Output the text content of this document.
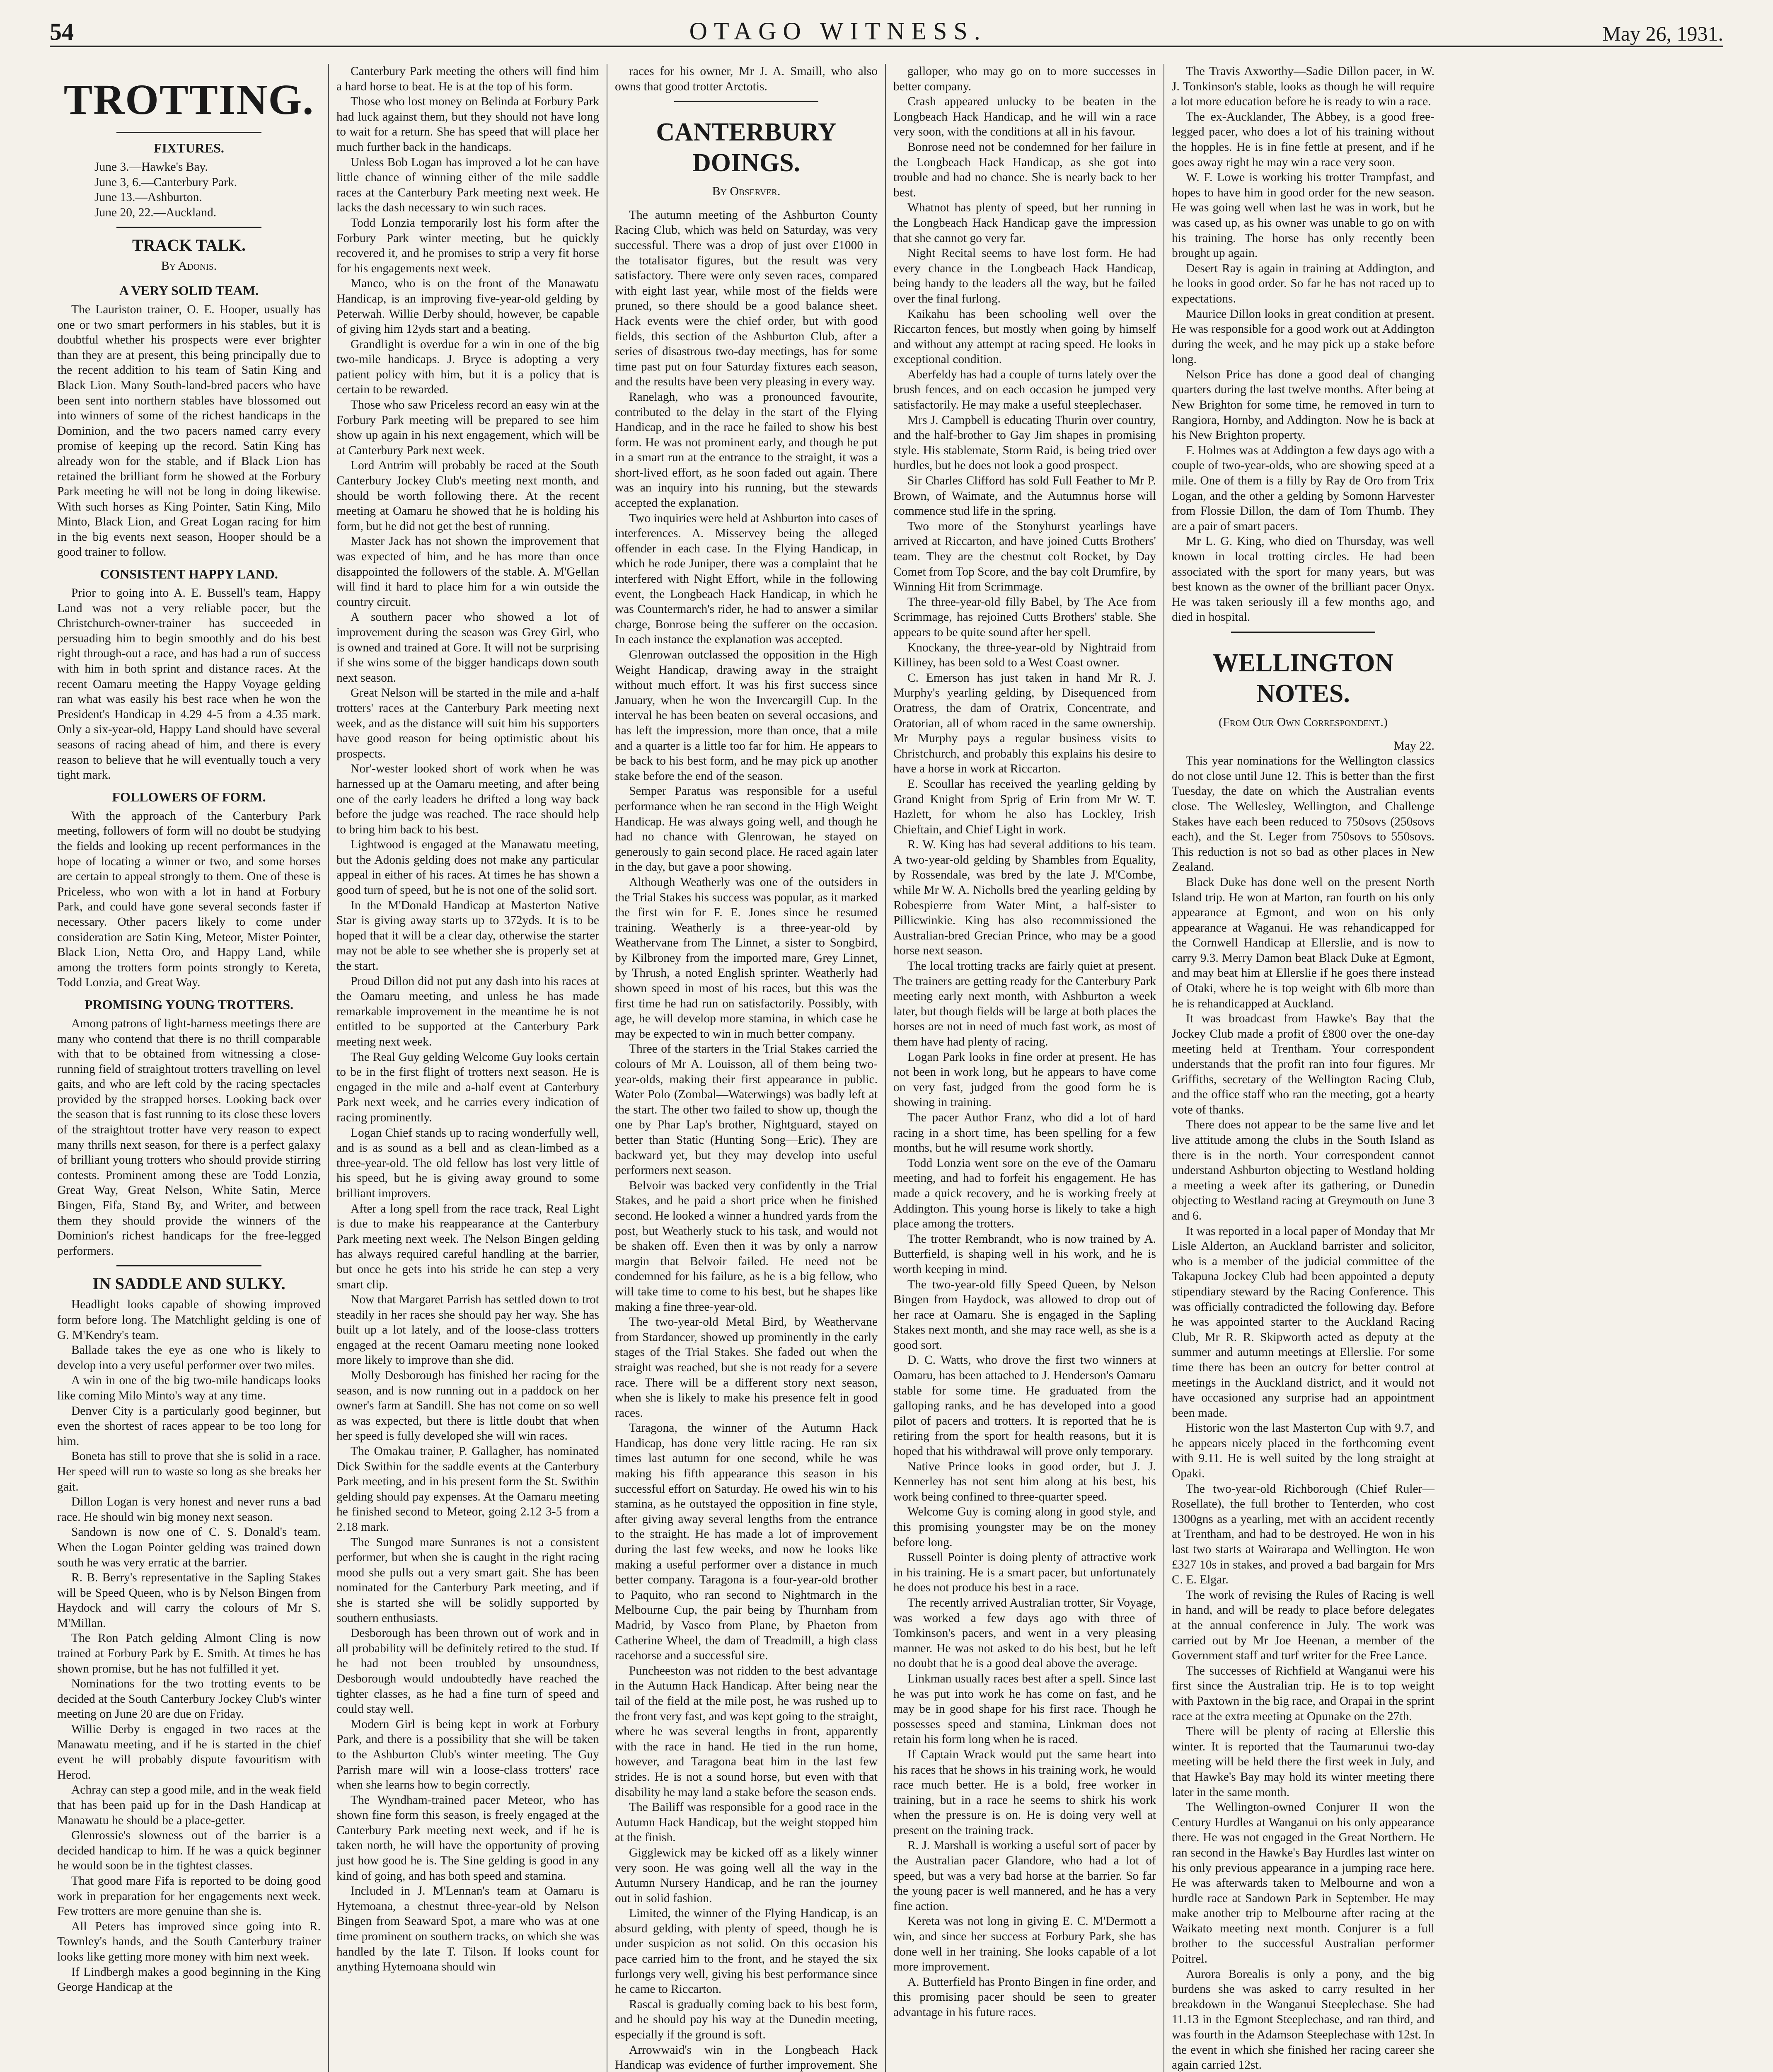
54	OTAGO WITNESS.	May 26, 1931.
TROTTING.
FIXTURES.

June 3.—Hawke's Bay.

June 3, 6.—Canterbury Park.

June 13.—Ashburton.

June 20, 22.—Auckland.

TRACK TALK.
By Adonis.
A VERY SOLID TEAM.

The Lauriston trainer, O. E. Hooper, usually has one or two smart performers in his stables, but it is doubtful whether his prospects were ever brighter than they are at present, this being principally due to the recent addition to his team of Satin King and Black Lion. Many South-land-bred pacers who have been sent into northern stables have blossomed out into winners of some of the richest handicaps in the Dominion, and the two pacers named carry every promise of keeping up the record. Satin King has already won for the stable, and if Black Lion has retained the brilliant form he showed at the Forbury Park meeting he will not be long in doing likewise. With such horses as King Pointer, Satin King, Milo Minto, Black Lion, and Great Logan racing for him in the big events next season, Hooper should be a good trainer to follow.

CONSISTENT HAPPY LAND.

Prior to going into A. E. Bussell's team, Happy Land was not a very reliable pacer, but the Christchurch-owner-trainer has succeeded in persuading him to begin smoothly and do his best right through-out a race, and has had a run of success with him in both sprint and distance races. At the recent Oamaru meeting the Happy Voyage gelding ran what was easily his best race when he won the President's Handicap in 4.29 4-5 from a 4.35 mark. Only a six-year-old, Happy Land should have several seasons of racing ahead of him, and there is every reason to believe that he will eventually touch a very tight mark.

FOLLOWERS OF FORM.

With the approach of the Canterbury Park meeting, followers of form will no doubt be studying the fields and looking up recent performances in the hope of locating a winner or two, and some horses are certain to appeal strongly to them. One of these is Priceless, who won with a lot in hand at Forbury Park, and could have gone several seconds faster if necessary. Other pacers likely to come under consideration are Satin King, Meteor, Mister Pointer, Black Lion, Netta Oro, and Happy Land, while among the trotters form points strongly to Kereta, Todd Lonzia, and Great Way.

PROMISING YOUNG TROTTERS.

Among patrons of light-harness meetings there are many who contend that there is no thrill comparable with that to be obtained from witnessing a close-running field of straightout trotters travelling on level gaits, and who are left cold by the racing spectacles provided by the strapped horses. Looking back over the season that is fast running to its close these lovers of the straightout trotter have very reason to expect many thrills next season, for there is a perfect galaxy of brilliant young trotters who should provide stirring contests. Prominent among these are Todd Lonzia, Great Way, Great Nelson, White Satin, Merce Bingen, Fifa, Stand By, and Writer, and between them they should provide the winners of the Dominion's richest handicaps for the free-legged performers.

IN SADDLE AND SULKY.

Headlight looks capable of showing improved form before long. The Matchlight gelding is one of G. M'Kendry's team.

Ballade takes the eye as one who is likely to develop into a very useful performer over two miles.

A win in one of the big two-mile handicaps looks like coming Milo Minto's way at any time.

Denver City is a particularly good beginner, but even the shortest of races appear to be too long for him.

Boneta has still to prove that she is solid in a race. Her speed will run to waste so long as she breaks her gait.

Dillon Logan is very honest and never runs a bad race. He should win big money next season.

Sandown is now one of C. S. Donald's team. When the Logan Pointer gelding was trained down south he was very erratic at the barrier.

R. B. Berry's representative in the Sapling Stakes will be Speed Queen, who is by Nelson Bingen from Haydock and will carry the colours of Mr S. M'Millan.

The Ron Patch gelding Almont Cling is now trained at Forbury Park by E. Smith. At times he has shown promise, but he has not fulfilled it yet.

Nominations for the two trotting events to be decided at the South Canterbury Jockey Club's winter meeting on June 20 are due on Friday.

Willie Derby is engaged in two races at the Manawatu meeting, and if he is started in the chief event he will probably dispute favouritism with Herod.

Achray can step a good mile, and in the weak field that has been paid up for in the Dash Handicap at Manawatu he should be a place-getter.

Glenrossie's slowness out of the barrier is a decided handicap to him. If he was a quick beginner he would soon be in the tightest classes.

That good mare Fifa is reported to be doing good work in preparation for her engagements next week. Few trotters are more genuine than she is.

All Peters has improved since going into R. Townley's hands, and the South Canterbury trainer looks like getting more money with him next week.

If Lindbergh makes a good beginning in the King George Handicap at the

Canterbury Park meeting the others will find him a hard horse to beat. He is at the top of his form.

Those who lost money on Belinda at Forbury Park had luck against them, but they should not have long to wait for a return. She has speed that will place her much further back in the handicaps.

Unless Bob Logan has improved a lot he can have little chance of winning either of the mile saddle races at the Canterbury Park meeting next week. He lacks the dash necessary to win such races.

Todd Lonzia temporarily lost his form after the Forbury Park winter meeting, but he quickly recovered it, and he promises to strip a very fit horse for his engagements next week.

Manco, who is on the front of the Manawatu Handicap, is an improving five-year-old gelding by Peterwah. Willie Derby should, however, be capable of giving him 12yds start and a beating.

Grandlight is overdue for a win in one of the big two-mile handicaps. J. Bryce is adopting a very patient policy with him, but it is a policy that is certain to be rewarded.

Those who saw Priceless record an easy win at the Forbury Park meeting will be prepared to see him show up again in his next engagement, which will be at Canterbury Park next week.

Lord Antrim will probably be raced at the South Canterbury Jockey Club's meeting next month, and should be worth following there. At the recent meeting at Oamaru he showed that he is holding his form, but he did not get the best of running.

Master Jack has not shown the improvement that was expected of him, and he has more than once disappointed the followers of the stable. A. M'Gellan will find it hard to place him for a win outside the country circuit.

A southern pacer who showed a lot of improvement during the season was Grey Girl, who is owned and trained at Gore. It will not be surprising if she wins some of the bigger handicaps down south next season.

Great Nelson will be started in the mile and a-half trotters' races at the Canterbury Park meeting next week, and as the distance will suit him his supporters have good reason for being optimistic about his prospects.

Nor'-wester looked short of work when he was harnessed up at the Oamaru meeting, and after being one of the early leaders he drifted a long way back before the judge was reached. The race should help to bring him back to his best.

Lightwood is engaged at the Manawatu meeting, but the Adonis gelding does not make any particular appeal in either of his races. At times he has shown a good turn of speed, but he is not one of the solid sort.

In the M'Donald Handicap at Masterton Native Star is giving away starts up to 372yds. It is to be hoped that it will be a clear day, otherwise the starter may not be able to see whether she is properly set at the start.

Proud Dillon did not put any dash into his races at the Oamaru meeting, and unless he has made remarkable improvement in the meantime he is not entitled to be supported at the Canterbury Park meeting next week.

The Real Guy gelding Welcome Guy looks certain to be in the first flight of trotters next season. He is engaged in the mile and a-half event at Canterbury Park next week, and he carries every indication of racing prominently.

Logan Chief stands up to racing wonderfully well, and is as sound as a bell and as clean-limbed as a three-year-old. The old fellow has lost very little of his speed, but he is giving away ground to some brilliant improvers.

After a long spell from the race track, Real Light is due to make his reappearance at the Canterbury Park meeting next week. The Nelson Bingen gelding has always required careful handling at the barrier, but once he gets into his stride he can step a very smart clip.

Now that Margaret Parrish has settled down to trot steadily in her races she should pay her way. She has built up a lot lately, and of the loose-class trotters engaged at the recent Oamaru meeting none looked more likely to improve than she did.

Molly Desborough has finished her racing for the season, and is now running out in a paddock on her owner's farm at Sandill. She has not come on so well as was expected, but there is little doubt that when her speed is fully developed she will win races.

The Omakau trainer, P. Gallagher, has nominated Dick Swithin for the saddle events at the Canterbury Park meeting, and in his present form the St. Swithin gelding should pay expenses. At the Oamaru meeting he finished second to Meteor, going 2.12 3-5 from a 2.18 mark.

The Sungod mare Sunranes is not a consistent performer, but when she is caught in the right racing mood she pulls out a very smart gait. She has been nominated for the Canterbury Park meeting, and if she is started she will be solidly supported by southern enthusiasts.

Desborough has been thrown out of work and in all probability will be definitely retired to the stud. If he had not been troubled by unsoundness, Desborough would undoubtedly have reached the tighter classes, as he had a fine turn of speed and could stay well.

Modern Girl is being kept in work at Forbury Park, and there is a possibility that she will be taken to the Ashburton Club's winter meeting. The Guy Parrish mare will win a loose-class trotters' race when she learns how to begin correctly.

The Wyndham-trained pacer Meteor, who has shown fine form this season, is freely engaged at the Canterbury Park meeting next week, and if he is taken north, he will have the opportunity of proving just how good he is. The Sine gelding is good in any kind of going, and has both speed and stamina.

Included in J. M'Lennan's team at Oamaru is Hytemoana, a chestnut three-year-old by Nelson Bingen from Seaward Spot, a mare who was at one time prominent on southern tracks, on which she was handled by the late T. Tilson. If looks count for anything Hytemoana should win

races for his owner, Mr J. A. Smaill, who also owns that good trotter Arctotis.

CANTERBURY DOINGS.
By Observer.

The autumn meeting of the Ashburton County Racing Club, which was held on Saturday, was very successful. There was a drop of just over £1000 in the totalisator figures, but the result was very satisfactory. There were only seven races, compared with eight last year, while most of the fields were pruned, so there should be a good balance sheet. Hack events were the chief order, but with good fields, this section of the Ashburton Club, after a series of disastrous two-day meetings, has for some time past put on four Saturday fixtures each season, and the results have been very pleasing in every way.

Ranelagh, who was a pronounced favourite, contributed to the delay in the start of the Flying Handicap, and in the race he failed to show his best form. He was not prominent early, and though he put in a smart run at the entrance to the straight, it was a short-lived effort, as he soon faded out again. There was an inquiry into his running, but the stewards accepted the explanation.

Two inquiries were held at Ashburton into cases of interferences. A. Misservey being the alleged offender in each case. In the Flying Handicap, in which he rode Juniper, there was a complaint that he interfered with Night Effort, while in the following event, the Longbeach Hack Handicap, in which he was Countermarch's rider, he had to answer a similar charge, Bonrose being the sufferer on the occasion. In each instance the explanation was accepted.

Glenrowan outclassed the opposition in the High Weight Handicap, drawing away in the straight without much effort. It was his first success since January, when he won the Invercargill Cup. In the interval he has been beaten on several occasions, and has left the impression, more than once, that a mile and a quarter is a little too far for him. He appears to be back to his best form, and he may pick up another stake before the end of the season.

Semper Paratus was responsible for a useful performance when he ran second in the High Weight Handicap. He was always going well, and though he had no chance with Glenrowan, he stayed on generously to gain second place. He raced again later in the day, but gave a poor showing.

Although Weatherly was one of the outsiders in the Trial Stakes his success was popular, as it marked the first win for F. E. Jones since he resumed training. Weatherly is a three-year-old by Weathervane from The Linnet, a sister to Songbird, by Kilbroney from the imported mare, Grey Linnet, by Thrush, a noted English sprinter. Weatherly had shown speed in most of his races, but this was the first time he had run on satisfactorily. Possibly, with age, he will develop more stamina, in which case he may be expected to win in much better company.

Three of the starters in the Trial Stakes carried the colours of Mr A. Louisson, all of them being two-year-olds, making their first appearance in public. Water Polo (Zombal—Waterwings) was badly left at the start. The other two failed to show up, though the one by Phar Lap's brother, Nightguard, stayed on better than Static (Hunting Song—Eric). They are backward yet, but they may develop into useful performers next season.

Belvoir was backed very confidently in the Trial Stakes, and he paid a short price when he finished second. He looked a winner a hundred yards from the post, but Weatherly stuck to his task, and would not be shaken off. Even then it was by only a narrow margin that Belvoir failed. He need not be condemned for his failure, as he is a big fellow, who will take time to come to his best, but he shapes like making a fine three-year-old.

The two-year-old Metal Bird, by Weathervane from Stardancer, showed up prominently in the early stages of the Trial Stakes. She faded out when the straight was reached, but she is not ready for a severe race. There will be a different story next season, when she is likely to make his presence felt in good races.

Taragona, the winner of the Autumn Hack Handicap, has done very little racing. He ran six times last autumn for one second, while he was making his fifth appearance this season in his successful effort on Saturday. He owed his win to his stamina, as he outstayed the opposition in fine style, after giving away several lengths from the entrance to the straight. He has made a lot of improvement during the last few weeks, and now he looks like making a useful performer over a distance in much better company. Taragona is a four-year-old brother to Paquito, who ran second to Nightmarch in the Melbourne Cup, the pair being by Thurnham from Madrid, by Vasco from Plane, by Phaeton from Catherine Wheel, the dam of Treadmill, a high class racehorse and a successful sire.

Puncheeston was not ridden to the best advantage in the Autumn Hack Handicap. After being near the tail of the field at the mile post, he was rushed up to the front very fast, and was kept going to the straight, where he was several lengths in front, apparently with the race in hand. He tied in the run home, however, and Taragona beat him in the last few strides. He is not a sound horse, but even with that disability he may land a stake before the season ends.

The Bailiff was responsible for a good race in the Autumn Hack Handicap, but the weight stopped him at the finish.

Gigglewick may be kicked off as a likely winner very soon. He was going well all the way in the Autumn Nursery Handicap, and he ran the journey out in solid fashion.

Limited, the winner of the Flying Handicap, is an absurd gelding, with plenty of speed, though he is under suspicion as not solid. On this occasion his pace carried him to the front, and he stayed the six furlongs very well, giving his best performance since he came to Riccarton.

Rascal is gradually coming back to his best form, and he should pay his way at the Dunedin meeting, especially if the ground is soft.

Arrowwaid's win in the Longbeach Hack Handicap was evidence of further improvement. She

galloper, who may go on to more successes in better company.

Crash appeared unlucky to be beaten in the Longbeach Hack Handicap, and he will win a race very soon, with the conditions at all in his favour.

Bonrose need not be condemned for her failure in the Longbeach Hack Handicap, as she got into trouble and had no chance. She is nearly back to her best.

Whatnot has plenty of speed, but her running in the Longbeach Hack Handicap gave the impression that she cannot go very far.

Night Recital seems to have lost form. He had every chance in the Longbeach Hack Handicap, being handy to the leaders all the way, but he failed over the final furlong.

Kaikahu has been schooling well over the Riccarton fences, but mostly when going by himself and without any attempt at racing speed. He looks in exceptional condition.

Aberfeldy has had a couple of turns lately over the brush fences, and on each occasion he jumped very satisfactorily. He may make a useful steeplechaser.

Mrs J. Campbell is educating Thurin over country, and the half-brother to Gay Jim shapes in promising style. His stablemate, Storm Raid, is being tried over hurdles, but he does not look a good prospect.

Sir Charles Clifford has sold Full Feather to Mr P. Brown, of Waimate, and the Autumnus horse will commence stud life in the spring.

Two more of the Stonyhurst yearlings have arrived at Riccarton, and have joined Cutts Brothers' team. They are the chestnut colt Rocket, by Day Comet from Top Score, and the bay colt Drumfire, by Winning Hit from Scrimmage.

The three-year-old filly Babel, by The Ace from Scrimmage, has rejoined Cutts Brothers' stable. She appears to be quite sound after her spell.

Knockany, the three-year-old by Nightraid from Killiney, has been sold to a West Coast owner.

C. Emerson has just taken in hand Mr R. J. Murphy's yearling gelding, by Disequenced from Oratress, the dam of Oratrix, Concentrate, and Oratorian, all of whom raced in the same ownership. Mr Murphy pays a regular business visits to Christchurch, and probably this explains his desire to have a horse in work at Riccarton.

E. Scoullar has received the yearling gelding by Grand Knight from Sprig of Erin from Mr W. T. Hazlett, for whom he also has Lockley, Irish Chieftain, and Chief Light in work.

R. W. King has had several additions to his team. A two-year-old gelding by Shambles from Equality, by Rossendale, was bred by the late J. M'Combe, while Mr W. A. Nicholls bred the yearling gelding by Robespierre from Water Mint, a half-sister to Pillicwinkie. King has also recommissioned the Australian-bred Grecian Prince, who may be a good horse next season.

The local trotting tracks are fairly quiet at present. The trainers are getting ready for the Canterbury Park meeting early next month, with Ashburton a week later, but though fields will be large at both places the horses are not in need of much fast work, as most of them have had plenty of racing.

Logan Park looks in fine order at present. He has not been in work long, but he appears to have come on very fast, judged from the good form he is showing in training.

The pacer Author Franz, who did a lot of hard racing in a short time, has been spelling for a few months, but he will resume work shortly.

Todd Lonzia went sore on the eve of the Oamaru meeting, and had to forfeit his engagement. He has made a quick recovery, and he is working freely at Addington. This young horse is likely to take a high place among the trotters.

The trotter Rembrandt, who is now trained by A. Butterfield, is shaping well in his work, and he is worth keeping in mind.

The two-year-old filly Speed Queen, by Nelson Bingen from Haydock, was allowed to drop out of her race at Oamaru. She is engaged in the Sapling Stakes next month, and she may race well, as she is a good sort.

D. C. Watts, who drove the first two winners at Oamaru, has been attached to J. Henderson's Oamaru stable for some time. He graduated from the galloping ranks, and he has developed into a good pilot of pacers and trotters. It is reported that he is retiring from the sport for health reasons, but it is hoped that his withdrawal will prove only temporary.

Native Prince looks in good order, but J. J. Kennerley has not sent him along at his best, his work being confined to three-quarter speed.

Welcome Guy is coming along in good style, and this promising youngster may be on the money before long.

Russell Pointer is doing plenty of attractive work in his training. He is a smart pacer, but unfortunately he does not produce his best in a race.

The recently arrived Australian trotter, Sir Voyage, was worked a few days ago with three of Tomkinson's pacers, and went in a very pleasing manner. He was not asked to do his best, but he left no doubt that he is a good deal above the average.

Linkman usually races best after a spell. Since last he was put into work he has come on fast, and he may be in good shape for his first race. Though he possesses speed and stamina, Linkman does not retain his form long when he is raced.

If Captain Wrack would put the same heart into his races that he shows in his training work, he would race much better. He is a bold, free worker in training, but in a race he seems to shirk his work when the pressure is on. He is doing very well at present on the training track.

R. J. Marshall is working a useful sort of pacer by the Australian pacer Glandore, who had a lot of speed, but was a very bad horse at the barrier. So far the young pacer is well mannered, and he has a very fine action.

Kereta was not long in giving E. C. M'Dermott a win, and since her success at Forbury Park, she has done well in her training. She looks capable of a lot more improvement.

A. Butterfield has Pronto Bingen in fine order, and this promising pacer should be seen to greater advantage in his future races.

The Travis Axworthy—Sadie Dillon pacer, in W. J. Tonkinson's stable, looks as though he will require a lot more education before he is ready to win a race.

The ex-Aucklander, The Abbey, is a good free-legged pacer, who does a lot of his training without the hopples. He is in fine fettle at present, and if he goes away right he may win a race very soon.

W. F. Lowe is working his trotter Trampfast, and hopes to have him in good order for the new season. He was going well when last he was in work, but he was cased up, as his owner was unable to go on with his training. The horse has only recently been brought up again.

Desert Ray is again in training at Addington, and he looks in good order. So far he has not raced up to expectations.

Maurice Dillon looks in great condition at present. He was responsible for a good work out at Addington during the week, and he may pick up a stake before long.

Nelson Price has done a good deal of changing quarters during the last twelve months. After being at New Brighton for some time, he removed in turn to Rangiora, Hornby, and Addington. Now he is back at his New Brighton property.

F. Holmes was at Addington a few days ago with a couple of two-year-olds, who are showing speed at a mile. One of them is a filly by Ray de Oro from Trix Logan, and the other a gelding by Somonn Harvester from Flossie Dillon, the dam of Tom Thumb. They are a pair of smart pacers.

Mr L. G. King, who died on Thursday, was well known in local trotting circles. He had been associated with the sport for many years, but was best known as the owner of the brilliant pacer Onyx. He was taken seriously ill a few months ago, and died in hospital.

WELLINGTON NOTES.
(From Our Own Correspondent.)

May 22.

This year nominations for the Wellington classics do not close until June 12. This is better than the first Tuesday, the date on which the Australian events close. The Wellesley, Wellington, and Challenge Stakes have each been reduced to 750sovs (250sovs each), and the St. Leger from 750sovs to 550sovs. This reduction is not so bad as other places in New Zealand.

Black Duke has done well on the present North Island trip. He won at Marton, ran fourth on his only appearance at Egmont, and won on his only appearance at Waganui. He was rehandicapped for the Cornwell Handicap at Ellerslie, and is now to carry 9.3. Merry Damon beat Black Duke at Egmont, and may beat him at Ellerslie if he goes there instead of Otaki, where he is top weight with 6lb more than he is rehandicapped at Auckland.

It was broadcast from Hawke's Bay that the Jockey Club made a profit of £800 over the one-day meeting held at Trentham. Your correspondent understands that the profit ran into four figures. Mr Griffiths, secretary of the Wellington Racing Club, and the office staff who ran the meeting, got a hearty vote of thanks.

There does not appear to be the same live and let live attitude among the clubs in the South Island as there is in the north. Your correspondent cannot understand Ashburton objecting to Westland holding a meeting a week after its gathering, or Dunedin objecting to Westland racing at Greymouth on June 3 and 6.

It was reported in a local paper of Monday that Mr Lisle Alderton, an Auckland barrister and solicitor, who is a member of the judicial committee of the Takapuna Jockey Club had been appointed a deputy stipendiary steward by the Racing Conference. This was officially contradicted the following day. Before he was appointed starter to the Auckland Racing Club, Mr R. R. Skipworth acted as deputy at the summer and autumn meetings at Ellerslie. For some time there has been an outcry for better control at meetings in the Auckland district, and it would not have occasioned any surprise had an appointment been made.

Historic won the last Masterton Cup with 9.7, and he appears nicely placed in the forthcoming event with 9.11. He is well suited by the long straight at Opaki.

The two-year-old Richborough (Chief Ruler—Rosellate), the full brother to Tenterden, who cost 1300gns as a yearling, met with an accident recently at Trentham, and had to be destroyed. He won in his last two starts at Wairarapa and Wellington. He won £327 10s in stakes, and proved a bad bargain for Mrs C. E. Elgar.

The work of revising the Rules of Racing is well in hand, and will be ready to place before delegates at the annual conference in July. The work was carried out by Mr Joe Heenan, a member of the Government staff and turf writer for the Free Lance.

The successes of Richfield at Wanganui were his first since the Australian trip. He is to top weight with Paxtown in the big race, and Orapai in the sprint race at the extra meeting at Opunake on the 27th.

There will be plenty of racing at Ellerslie this winter. It is reported that the Taumarunui two-day meeting will be held there the first week in July, and that Hawke's Bay may hold its winter meeting there later in the same month.

The Wellington-owned Conjurer II won the Century Hurdles at Wanganui on his only appearance there. He was not engaged in the Great Northern. He ran second in the Hawke's Bay Hurdles last winter on his only previous appearance in a jumping race here. He was afterwards taken to Melbourne and won a hurdle race at Sandown Park in September. He may make another trip to Melbourne after racing at the Waikato meeting next month. Conjurer is a full brother to the successful Australian performer Poitrel.

Aurora Borealis is only a pony, and the big burdens she was asked to carry resulted in her breakdown in the Wanganui Steeplechase. She had 11.13 in the Egmont Steeplechase, and ran third, and was fourth in the Adamson Steeplechase with 12st. In the event in which she finished her racing career she again carried 12st.
